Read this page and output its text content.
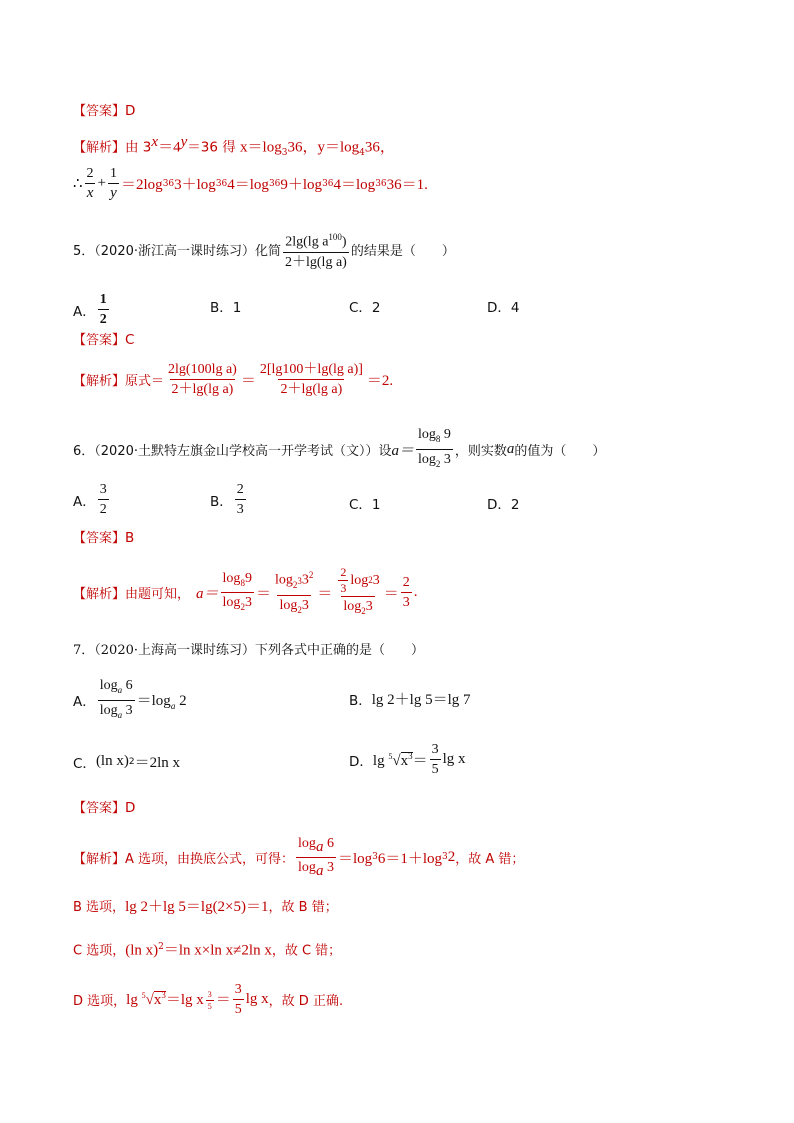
【答案】D
【解析】由 $3^x=4^y=36$ 得 $x=\log_336$，$y=\log_436$，
∴ $\frac{2}{x} + \frac{1}{y} =2\log$ 36 3＋log 36 4＝log 36 9＋log 36 4＝log 36 36＝1.
5．（2020·浙江高一课时练习）化简 $\frac{2\lg(\lg a^{100})}{\text{2＋lg(lg a)}}$ 的结果是（　　）
A． $\frac{1}{2}$	B．1	C．2	D．4
【答案】C
【解析】 原式＝ $\frac{\text{2lg(100lg a)}}{\text{2＋lg(lg a)}} = \frac{\text{2[lg100＋lg(lg a)]}}{\text{2＋lg(lg a)}} =2$.
6．（2020·土默特左旗金山学校高一开学考试（文））设 $a= \frac{\log_8 9}{\log_2 3}$ ，则实数 a 的值为（　　）
A． $\frac{3}{2}$	B． $\frac{2}{3}$	C．1	D．2
【答案】B
【解析】 由题可知， $a= \frac{\log_89}{\log_23} = \frac{\log_{2^3}3^2}{\log_23} = \frac{\frac{2}{3} \log 2 3}{\log_23} = \frac{2}{3}$ .
7．（2020·上海高一课时练习）下列各式中正确的是（　　）
A． $\frac{\log_a 6}{\log_a 3} =\log_a$ 2	B． lg 2＋lg 5＝lg 7
C． (ln x) 2 ＝2ln x	D． $\lg ^5√x^3= \frac{3}{5}$ lg x
【答案】D
【解析】 A 选项，由换底公式，可得： $\frac{\log_a 6}{\log_a 3} =\log$ 3 6＝1＋log 3 2 ，故 A 错；
B 选项，lg 2＋lg 5＝lg(2×5)＝1，故 B 错；
C 选项，(ln x)$^2$＝ln x×ln x≠2ln x，故 C 错；
D 选项， $\lg ^5√x^3=\lg$ x $\frac{3}{5} = \frac{3}{5}$ lg x ，故 D 正确.
